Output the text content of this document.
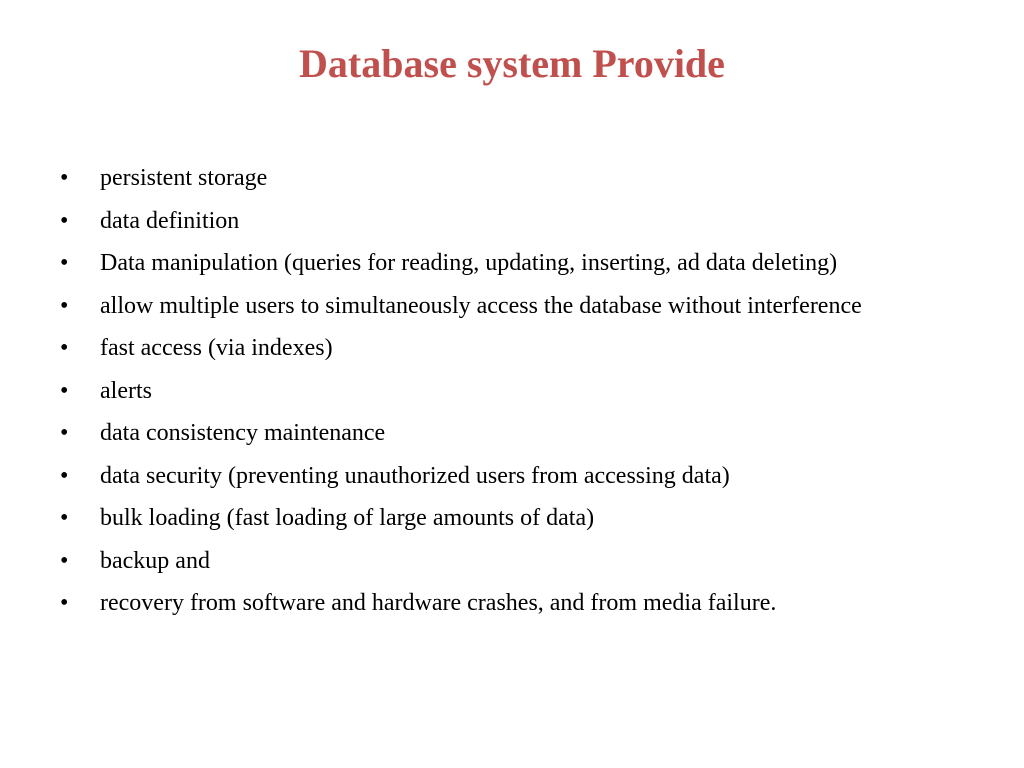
Database system Provide
•	persistent storage
•	data definition
•	Data manipulation (queries for reading, updating, inserting, ad data deleting)
•	allow multiple users to simultaneously access the database without interference
•	fast access (via indexes)
•	alerts
•	data consistency maintenance
•	data security (preventing unauthorized users from accessing data)
•	bulk loading (fast loading of large amounts of data)
•	backup and
•	recovery from software and hardware crashes, and from media failure.
